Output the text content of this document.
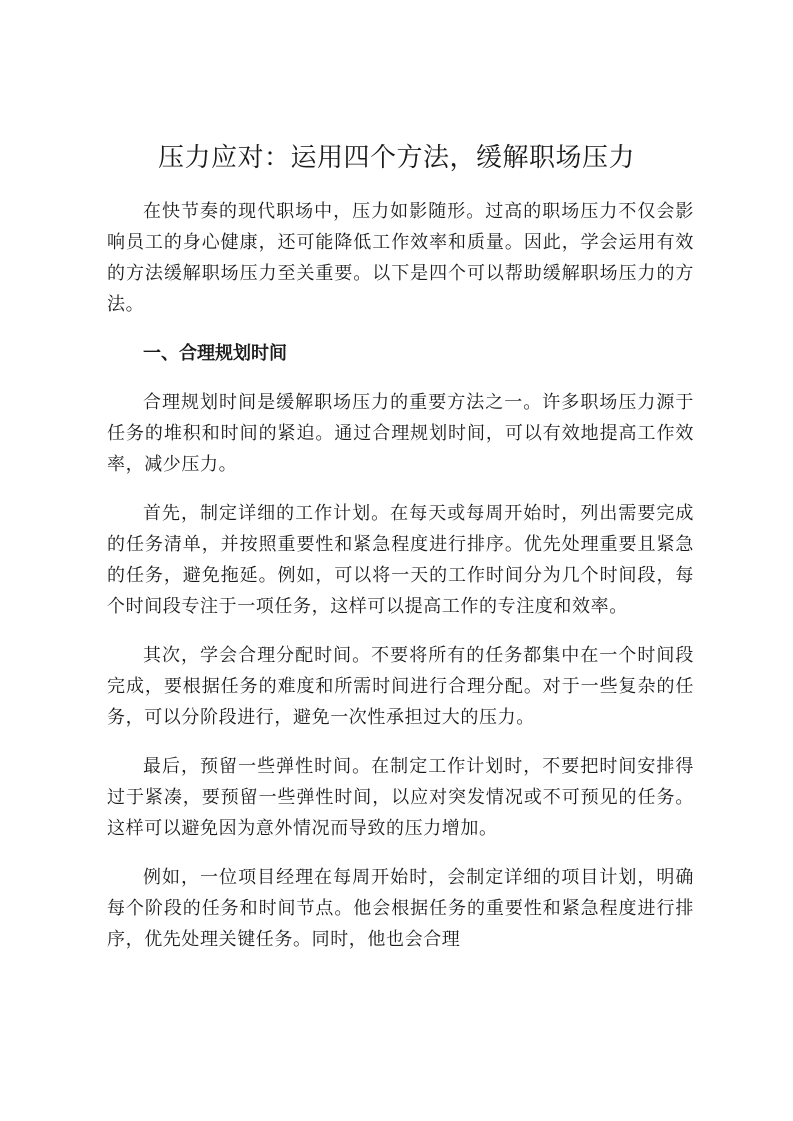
压力应对：运用四个方法，缓解职场压力

在快节奏的现代职场中，压力如影随形。过高的职场压力不仅会影响员工的身心健康，还可能降低工作效率和质量。因此，学会运用有效的方法缓解职场压力至关重要。以下是四个可以帮助缓解职场压力的方法。

一、合理规划时间

合理规划时间是缓解职场压力的重要方法之一。许多职场压力源于任务的堆积和时间的紧迫。通过合理规划时间，可以有效地提高工作效率，减少压力。

首先，制定详细的工作计划。在每天或每周开始时，列出需要完成的任务清单，并按照重要性和紧急程度进行排序。优先处理重要且紧急的任务，避免拖延。例如，可以将一天的工作时间分为几个时间段，每个时间段专注于一项任务，这样可以提高工作的专注度和效率。

其次，学会合理分配时间。不要将所有的任务都集中在一个时间段完成，要根据任务的难度和所需时间进行合理分配。对于一些复杂的任务，可以分阶段进行，避免一次性承担过大的压力。

最后，预留一些弹性时间。在制定工作计划时，不要把时间安排得过于紧凑，要预留一些弹性时间，以应对突发情况或不可预见的任务。这样可以避免因为意外情况而导致的压力增加。

例如，一位项目经理在每周开始时，会制定详细的项目计划，明确每个阶段的任务和时间节点。他会根据任务的重要性和紧急程度进行排序，优先处理关键任务。同时，他也会合理
